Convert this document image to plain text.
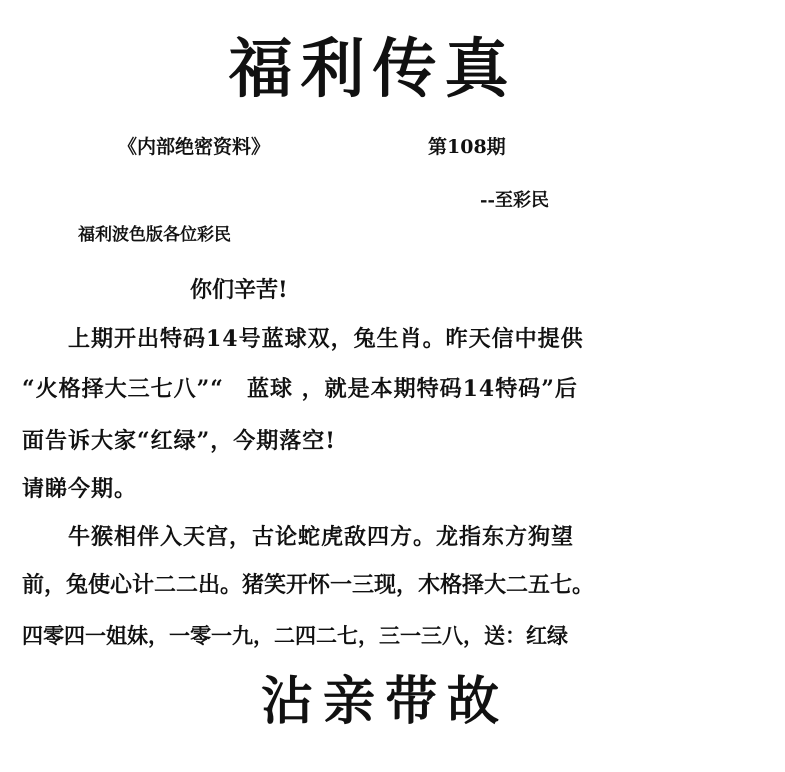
福利传真
《内部绝密资料》	第108期
--至彩民
福利波色版各位彩民
你们辛苦!
　　上期开出特码14号蓝球双，兔生肖。昨天信中提供
“火格择大三七八”“　蓝球 ，就是本期特码14特码”后
面告诉大家“红绿”，今期落空!
请睇今期。
　　牛猴相伴入天宫，古论蛇虎敌四方。龙指东方狗望
前，兔使心计二二出。猪笑开怀一三现，木格择大二五七。
四零四一姐妹，一零一九，二四二七，三一三八，送：红绿
沾亲带故
